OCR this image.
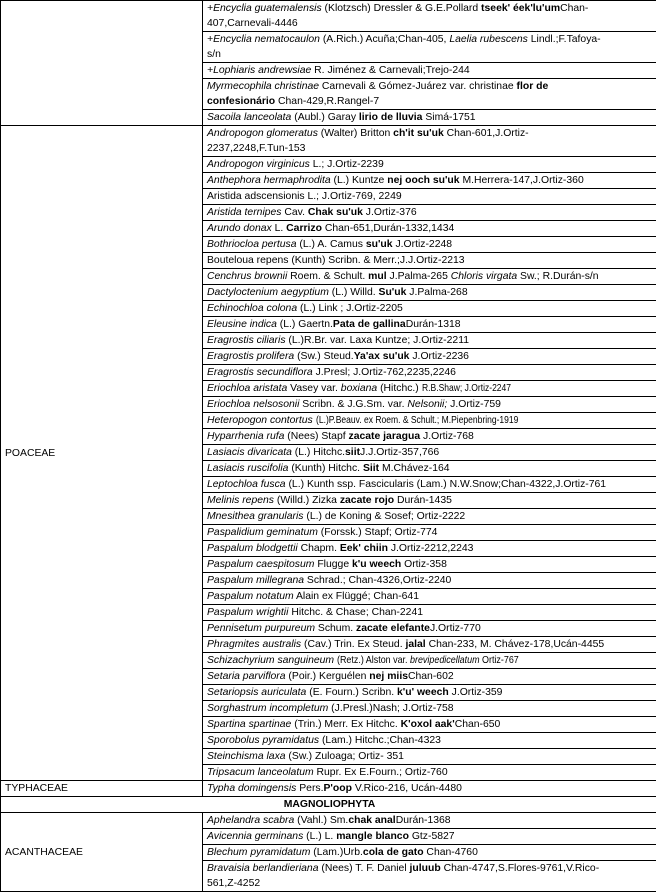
	+Encyclia guatemalensis (Klotzsch) Dressler & G.E.Pollard tseek' éek'lu'umChan-
407,Carnevali-4446
	+Encyclia nematocaulon (A.Rich.) Acuña;Chan-405, Laelia rubescens Lindl.;F.Tafoya-
s/n
	+Lophiaris andrewsiae R. Jiménez & Carnevali;Trejo-244
	Myrmecophila christinae Carnevali & Gómez-Juárez var. christinae flor de
confesionário Chan-429,R.Rangel-7
	Sacoila lanceolata (Aubl.) Garay lirio de lluvia Simá-1751
POACEAE	Andropogon glomeratus (Walter) Britton ch'it su'uk Chan-601,J.Ortiz-
2237,2248,F.Tun-153
	Andropogon virginicus L.; J.Ortiz-2239
	Anthephora hermaphrodita (L.) Kuntze nej ooch su'uk M.Herrera-147,J.Ortiz-360
	Aristida adscensionis L.; J.Ortiz-769, 2249
	Aristida ternipes Cav. Chak su'uk J.Ortiz-376
	Arundo donax L. Carrizo Chan-651,Durán-1332,1434
	Bothriocloa pertusa (L.) A. Camus su'uk J.Ortiz-2248
	Bouteloua repens (Kunth) Scribn. & Merr.;J.J.Ortiz-2213
	Cenchrus brownii Roem. & Schult. mul J.Palma-265 Chloris virgata Sw.; R.Durán-s/n
	Dactyloctenium aegyptium (L.) Willd. Su'uk J.Palma-268
	Echinochloa colona (L.) Link ; J.Ortiz-2205
	Eleusine indica (L.) Gaertn.Pata de gallinaDurán-1318
	Eragrostis ciliaris (L.)R.Br. var. Laxa Kuntze; J.Ortiz-2211
	Eragrostis prolifera (Sw.) Steud.Ya'ax su'uk J.Ortiz-2236
	Eragrostis secundiflora J.Presl; J.Ortiz-762,2235,2246
	Eriochloa aristata Vasey var. boxiana (Hitchc.) R.B.Shaw; J.Ortiz-2247
	Eriochloa nelsosonii Scribn. & J.G.Sm. var. Nelsonii; J.Ortiz-759
	Heteropogon contortus (L.)P.Beauv. ex Roem. & Schult.; M.Piepenbring-1919
	Hyparrhenia rufa (Nees) Stapf zacate jaragua J.Ortiz-768
	Lasiacis divaricata (L.) Hitchc.siitJ.J.Ortiz-357,766
	Lasiacis ruscifolia (Kunth) Hitchc. Siit M.Chávez-164
	Leptochloa fusca (L.) Kunth ssp. Fascicularis (Lam.) N.W.Snow;Chan-4322,J.Ortiz-761
	Melinis repens (Willd.) Zizka zacate rojo Durán-1435
	Mnesithea granularis (L.) de Koning & Sosef; Ortiz-2222
	Paspalidium geminatum (Forssk.) Stapf; Ortiz-774
	Paspalum blodgettii Chapm. Eek' chiin J.Ortiz-2212,2243
	Paspalum caespitosum Flugge k'u weech Ortiz-358
	Paspalum millegrana Schrad.; Chan-4326,Ortiz-2240
	Paspalum notatum Alain ex Flüggé; Chan-641
	Paspalum wrightii Hitchc. & Chase; Chan-2241
	Pennisetum purpureum Schum. zacate elefanteJ.Ortiz-770
	Phragmites australis (Cav.) Trin. Ex Steud. jalal Chan-233, M. Chávez-178,Ucán-4455
	Schizachyrium sanguineum (Retz.) Alston var. brevipedicellatum Ortiz-767
	Setaria parviflora (Poir.) Kerguélen nej miisChan-602
	Setariopsis auriculata (E. Fourn.) Scribn. k'u' weech J.Ortiz-359
	Sorghastrum incompletum (J.Presl.)Nash; J.Ortiz-758
	Spartina spartinae (Trin.) Merr. Ex Hitchc. K'oxol aak'Chan-650
	Sporobolus pyramidatus (Lam.) Hitchc.;Chan-4323
	Steinchisma laxa (Sw.) Zuloaga; Ortiz- 351
	Tripsacum lanceolatum Rupr. Ex E.Fourn.; Ortiz-760
TYPHACEAE	Typha domingensis Pers.P'oop V.Rico-216, Ucán-4480
MAGNOLIOPHYTA	
ACANTHACEAE	Aphelandra scabra (Vahl.) Sm.chak analDurán-1368
	Avicennia germinans (L.) L. mangle blanco Gtz-5827
	Blechum pyramidatum (Lam.)Urb.cola de gato Chan-4760
	Bravaisia berlandieriana (Nees) T. F. Daniel juluub Chan-4747,S.Flores-9761,V.Rico-
561,Z-4252
